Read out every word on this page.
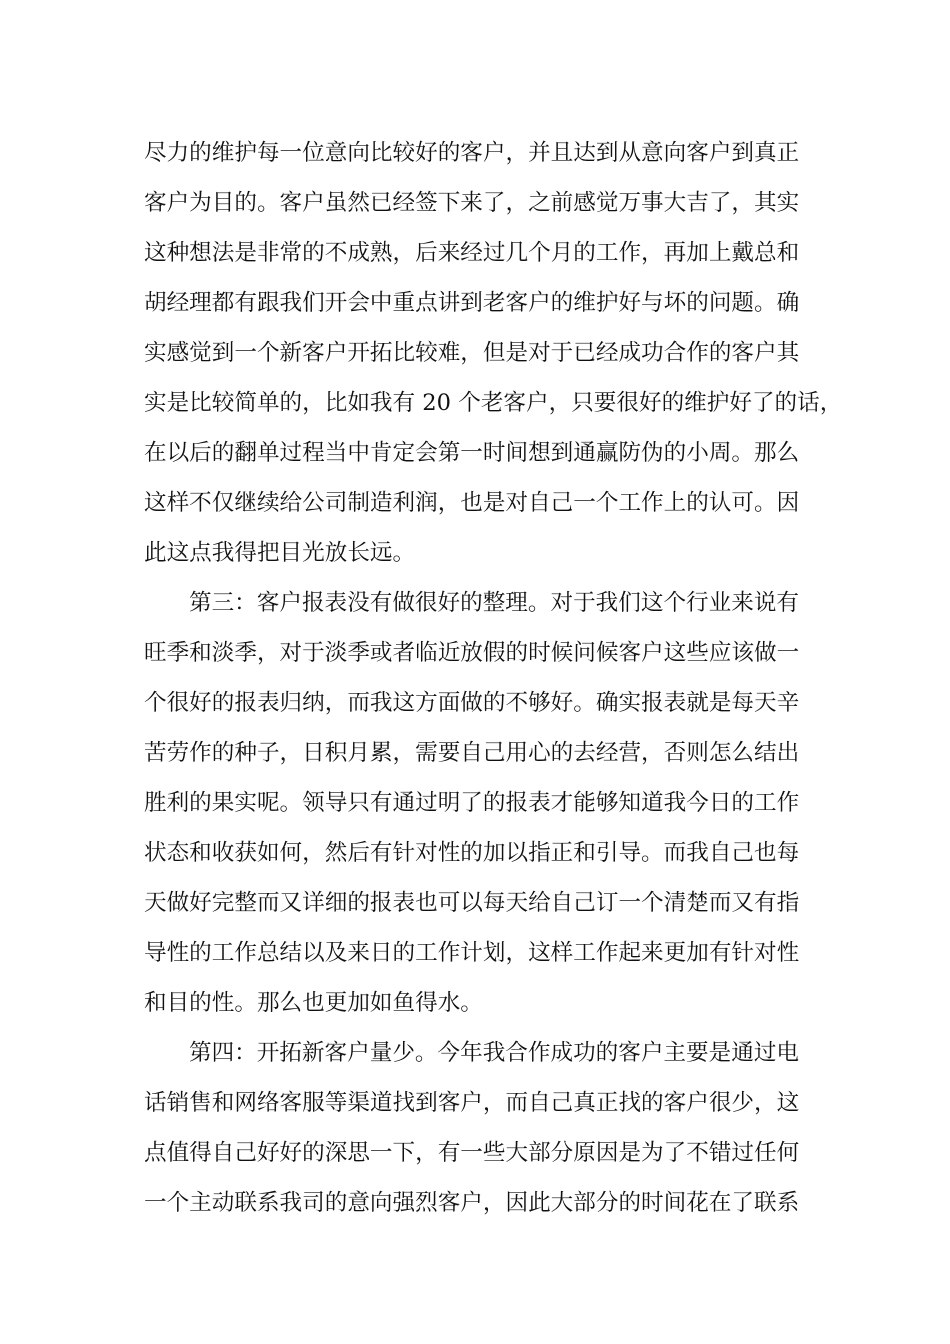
尽力的维护每一位意向比较好的客户，并且达到从意向客户到真正
客户为目的。客户虽然已经签下来了，之前感觉万事大吉了，其实
这种想法是非常的不成熟，后来经过几个月的工作，再加上戴总和
胡经理都有跟我们开会中重点讲到老客户的维护好与坏的问题。确
实感觉到一个新客户开拓比较难，但是对于已经成功合作的客户其
实是比较简单的，比如我有 20 个老客户，只要很好的维护好了的话，
在以后的翻单过程当中肯定会第一时间想到通赢防伪的小周。那么
这样不仅继续给公司制造利润，也是对自己一个工作上的认可。因
此这点我得把目光放长远。
第三：客户报表没有做很好的整理。对于我们这个行业来说有
旺季和淡季，对于淡季或者临近放假的时候问候客户这些应该做一
个很好的报表归纳，而我这方面做的不够好。确实报表就是每天辛
苦劳作的种子，日积月累，需要自己用心的去经营，否则怎么结出
胜利的果实呢。领导只有通过明了的报表才能够知道我今日的工作
状态和收获如何，然后有针对性的加以指正和引导。而我自己也每
天做好完整而又详细的报表也可以每天给自己订一个清楚而又有指
导性的工作总结以及来日的工作计划，这样工作起来更加有针对性
和目的性。那么也更加如鱼得水。
第四：开拓新客户量少。今年我合作成功的客户主要是通过电
话销售和网络客服等渠道找到客户，而自己真正找的客户很少，这
点值得自己好好的深思一下，有一些大部分原因是为了不错过任何
一个主动联系我司的意向强烈客户，因此大部分的时间花在了联系
